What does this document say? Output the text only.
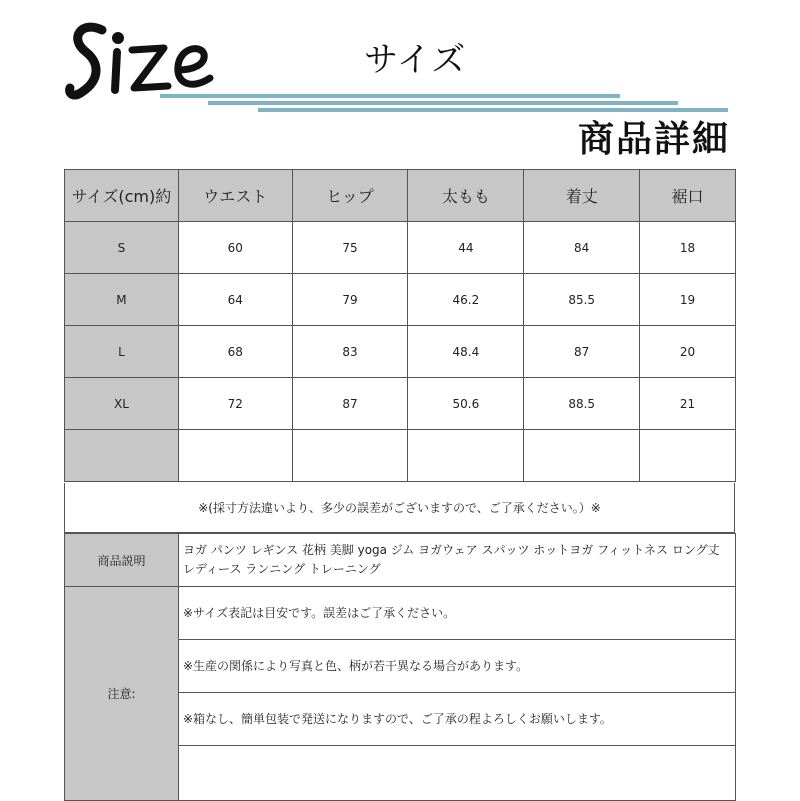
サイズ
商品詳細
サイズ(cm)約	ウエスト	ヒップ	太もも	着丈	裾口
S	60	75	44	84	18
M	64	79	46.2	85.5	19
L	68	83	48.4	87	20
XL	72	87	50.6	88.5	21

※(採寸方法違いより、多少の誤差がございますので、ご了承ください。）※
商品説明	ヨガ パンツ レギンス 花柄 美脚 yoga ジム ヨガウェア スパッツ ホットヨガ フィットネス ロング丈 レディース ランニング トレーニング
注意:	※サイズ表記は目安です。誤差はご了承ください。
	※生産の関係により写真と色、柄が若干異なる場合があります。
	※箱なし、簡単包装で発送になりますので、ご了承の程よろしくお願いします。
